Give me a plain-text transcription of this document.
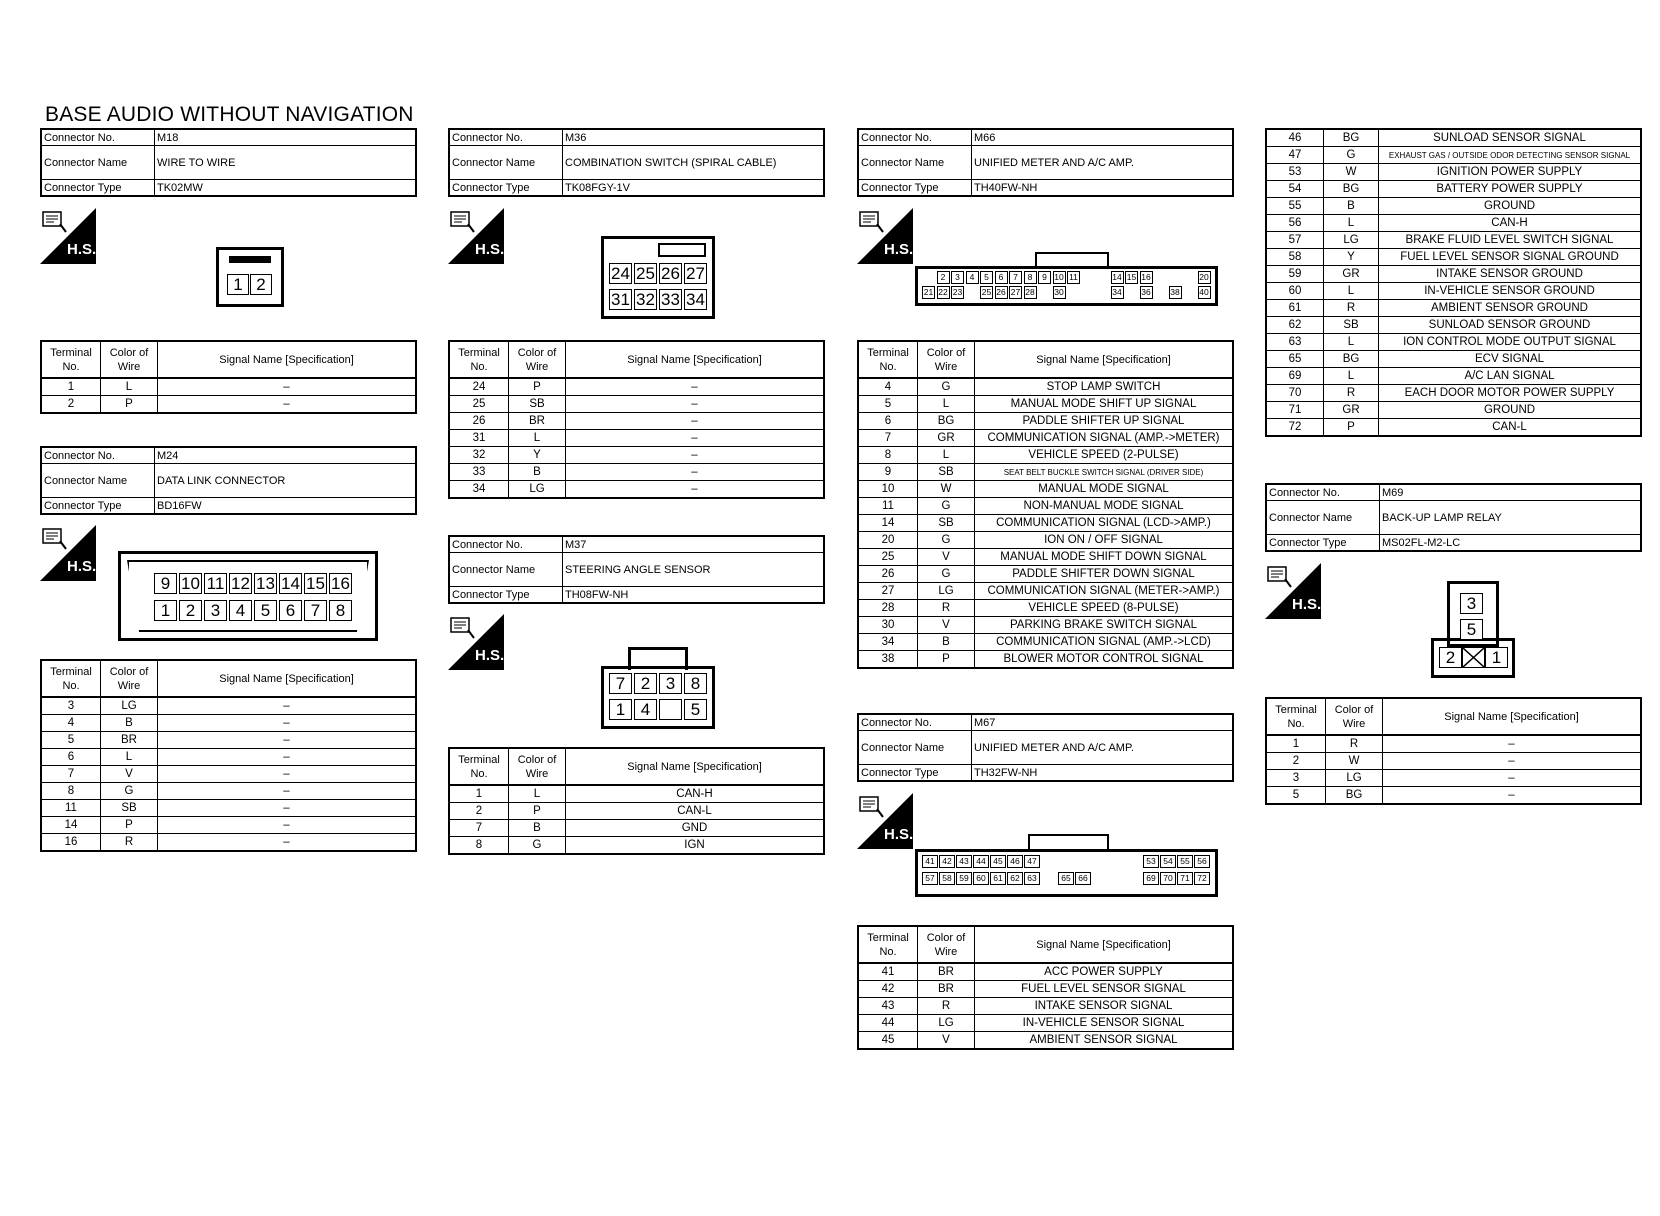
BASE AUDIO WITHOUT NAVIGATION
Connector No.	M18
Connector Name	WIRE TO WIRE
Connector Type	TK02MW
H.S.
1 2
Terminal No.	Color of Wire	Signal Name [Specification]
1	L	–
2	P	–
Connector No.	M24
Connector Name	DATA LINK CONNECTOR
Connector Type	BD16FW
H.S.
9
1
10
2
11
3
12
4
13
5
14
6
15
7
16
8
Terminal No.	Color of Wire	Signal Name [Specification]
3	LG	–
4	B	–
5	BR	–
6	L	–
7	V	–
8	G	–
11	SB	–
14	P	–
16	R	–
Connector No.	M36
Connector Name	COMBINATION SWITCH (SPIRAL CABLE)
Connector Type	TK08FGY-1V
H.S.
24
31
25
32
26
33
27
34
Terminal No.	Color of Wire	Signal Name [Specification]
24	P	–
25	SB	–
26	BR	–
31	L	–
32	Y	–
33	B	–
34	LG	–
Connector No.	M37
Connector Name	STEERING ANGLE SENSOR
Connector Type	TH08FW-NH
H.S.
7
1
2
4
3 8
5
Terminal No.	Color of Wire	Signal Name [Specification]
1	L	CAN-H
2	P	CAN-L
7	B	GND
8	G	IGN
Connector No.	M66
Connector Name	UNIFIED METER AND A/C AMP.
Connector Type	TH40FW-NH
H.S.
21
2
22
3
23
4	5
25
6
26
7
27
8
28
9 10
30
11	14
34
15 16
36 38
20
40
Terminal No.	Color of Wire	Signal Name [Specification]
4	G	STOP LAMP SWITCH
5	L	MANUAL MODE SHIFT UP SIGNAL
6	BG	PADDLE SHIFTER UP SIGNAL
7	GR	COMMUNICATION SIGNAL (AMP.->METER)
8	L	VEHICLE SPEED (2-PULSE)
9	SB	SEAT BELT BUCKLE SWITCH SIGNAL (DRIVER SIDE)
10	W	MANUAL MODE SIGNAL
11	G	NON-MANUAL MODE SIGNAL
14	SB	COMMUNICATION SIGNAL (LCD->AMP.)
20	G	ION ON / OFF SIGNAL
25	V	MANUAL MODE SHIFT DOWN SIGNAL
26	G	PADDLE SHIFTER DOWN SIGNAL
27	LG	COMMUNICATION SIGNAL (METER->AMP.)
28	R	VEHICLE SPEED (8-PULSE)
30	V	PARKING BRAKE SWITCH SIGNAL
34	B	COMMUNICATION SIGNAL (AMP.->LCD)
38	P	BLOWER MOTOR CONTROL SIGNAL
Connector No.	M67
Connector Name	UNIFIED METER AND A/C AMP.
Connector Type	TH32FW-NH
H.S.
41
57
42
58
43
59
44
60
45
61
46
62
47
63	65 66
53
69
54
70
55
71
56
72
Terminal No.	Color of Wire	Signal Name [Specification]
41	BR	ACC POWER SUPPLY
42	BR	FUEL LEVEL SENSOR SIGNAL
43	R	INTAKE SENSOR SIGNAL
44	LG	IN-VEHICLE SENSOR SIGNAL
45	V	AMBIENT SENSOR SIGNAL
46	BG	SUNLOAD SENSOR SIGNAL
47	G	EXHAUST GAS / OUTSIDE ODOR DETECTING SENSOR SIGNAL
53	W	IGNITION POWER SUPPLY
54	BG	BATTERY POWER SUPPLY
55	B	GROUND
56	L	CAN-H
57	LG	BRAKE FLUID LEVEL SWITCH SIGNAL
58	Y	FUEL LEVEL SENSOR SIGNAL GROUND
59	GR	INTAKE SENSOR GROUND
60	L	IN-VEHICLE SENSOR GROUND
61	R	AMBIENT SENSOR GROUND
62	SB	SUNLOAD SENSOR GROUND
63	L	ION CONTROL MODE OUTPUT SIGNAL
65	BG	ECV SIGNAL
69	L	A/C LAN SIGNAL
70	R	EACH DOOR MOTOR POWER SUPPLY
71	GR	GROUND
72	P	CAN-L
Connector No.	M69
Connector Name	BACK-UP LAMP RELAY
Connector Type	MS02FL-M2-LC
H.S.	3
5
2	1
Terminal No.	Color of Wire	Signal Name [Specification]
1	R	–
2	W	–
3	LG	–
5	BG	–
